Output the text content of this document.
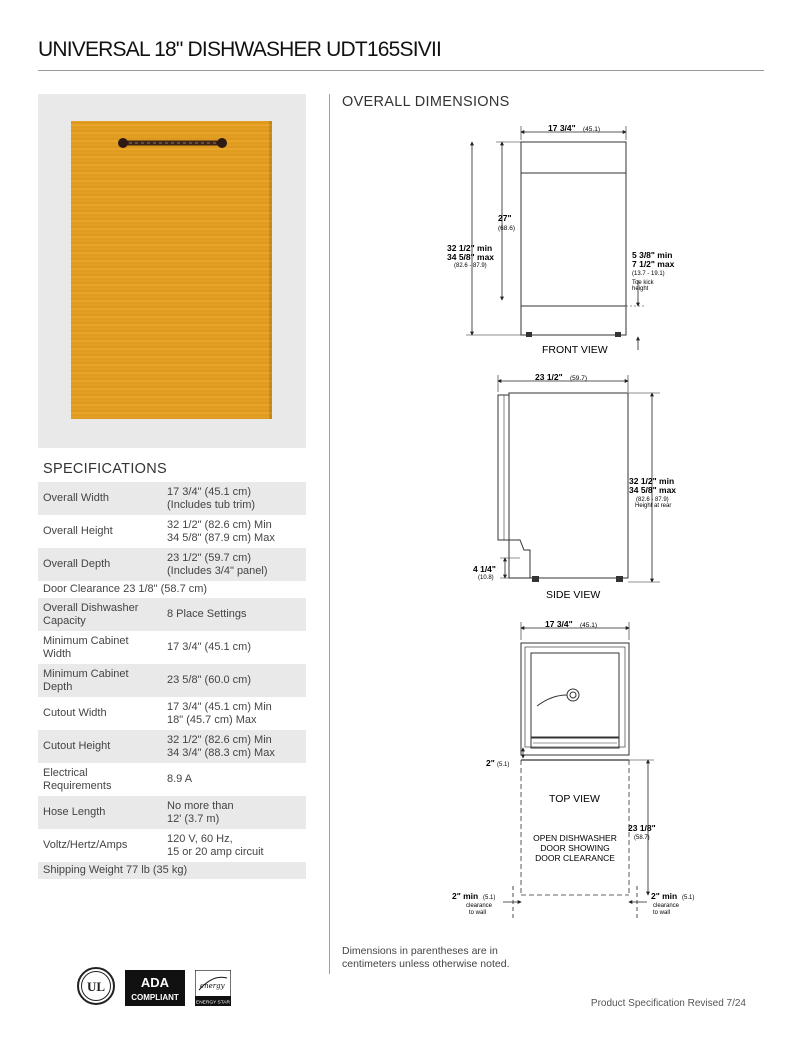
UNIVERSAL 18" DISHWASHER UDT165SIVII
SPECIFICATIONS
Overall Width	17 3/4" (45.1 cm)
(Includes tub trim)

Overall Height	32 1/2" (82.6 cm) Min
34 5/8" (87.9 cm) Max

Overall Depth	23 1/2" (59.7 cm)
(Includes 3/4" panel)

Door Clearance 23 1/8" (58.7 cm)	

Overall Dishwasher
Capacity	8 Place Settings

Minimum Cabinet
Width	17 3/4" (45.1 cm)

Minimum Cabinet
Depth	23 5/8" (60.0 cm)

Cutout Width	17 3/4" (45.1 cm) Min
18" (45.7 cm) Max

Cutout Height	32 1/2" (82.6 cm) Min
34 3/4" (88.3 cm) Max

Electrical
Requirements	8.9 A

Hose Length	No more than
12' (3.7 m)

Voltz/Hertz/Amps	120 V, 60 Hz,
15 or 20 amp circuit

Shipping Weight 77 lb (35 kg)	
OVERALL DIMENSIONS
17 3/4" (45.1)
27"
(68.6)
32 1/2" min
34 5/8" max
(82.6 - 87.9)
5 3/8" min
7 1/2" max
(13.7 - 19.1)
Toe kick
height
FRONT VIEW
23 1/2" (59.7)
32 1/2" min
34 5/8" max
(82.6 - 87.9)
Height at rear
4 1/4"
(10.8)
SIDE VIEW
17 3/4" (45.1)
2" (5.1)
TOP VIEW
OPEN DISHWASHER
DOOR SHOWING
DOOR CLEARANCE
23 1/8"
(58.7)
2" min (5.1)
clearance
to wall
2" min (5.1)
clearance
to wall
Dimensions in parentheses are in centimeters unless otherwise noted.
UL	ADA
COMPLIANT
energy
ENERGY STAR	Product Specification Revised 7/24
